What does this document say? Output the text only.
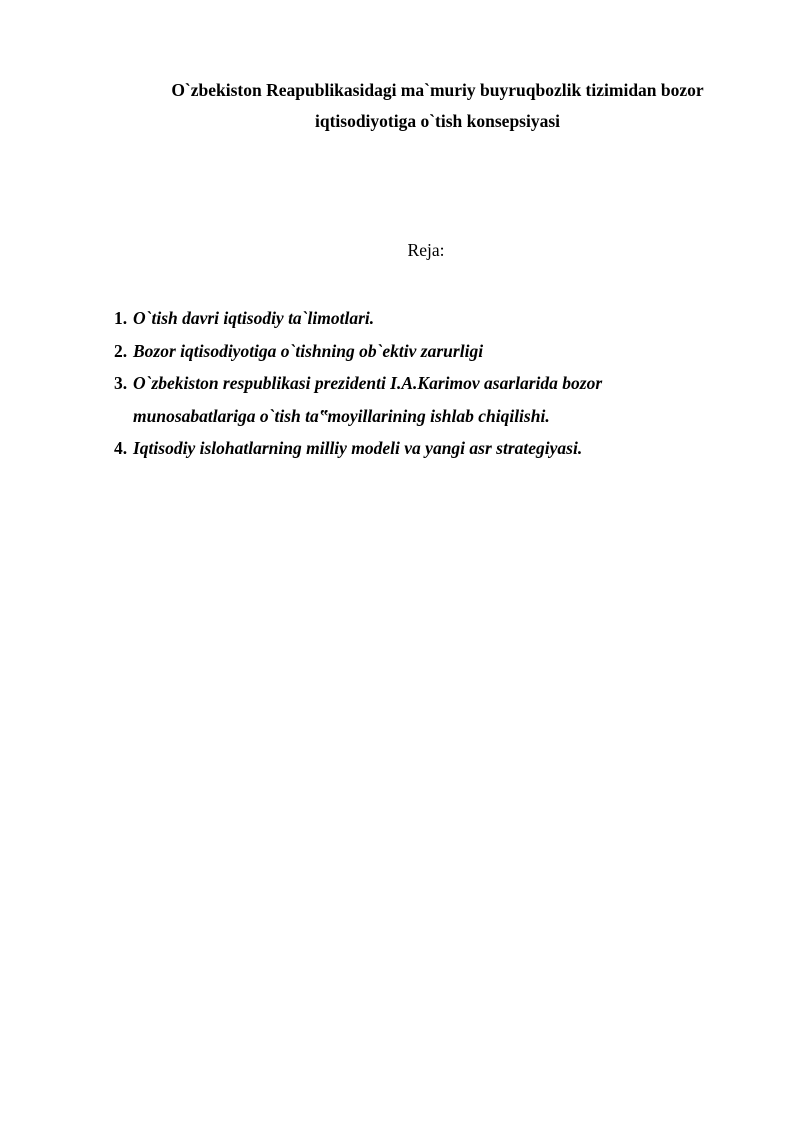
O`zbekiston Reapublikasidagi ma`muriy buyruqbozlik tizimidan bozor
iqtisodiyotiga o`tish konsepsiyasi
Reja:
1. O`tish davri iqtisodiy ta`limotlari.
2. Bozor iqtisodiyotiga o`tishning ob`ektiv zarurligi
3. O`zbekiston respublikasi prezidenti I.A.Karimov asarlarida bozor munosabatlariga o`tish ta‟moyillarining ishlab chiqilishi.
4. Iqtisodiy islohatlarning milliy modeli va yangi asr strategiyasi.
